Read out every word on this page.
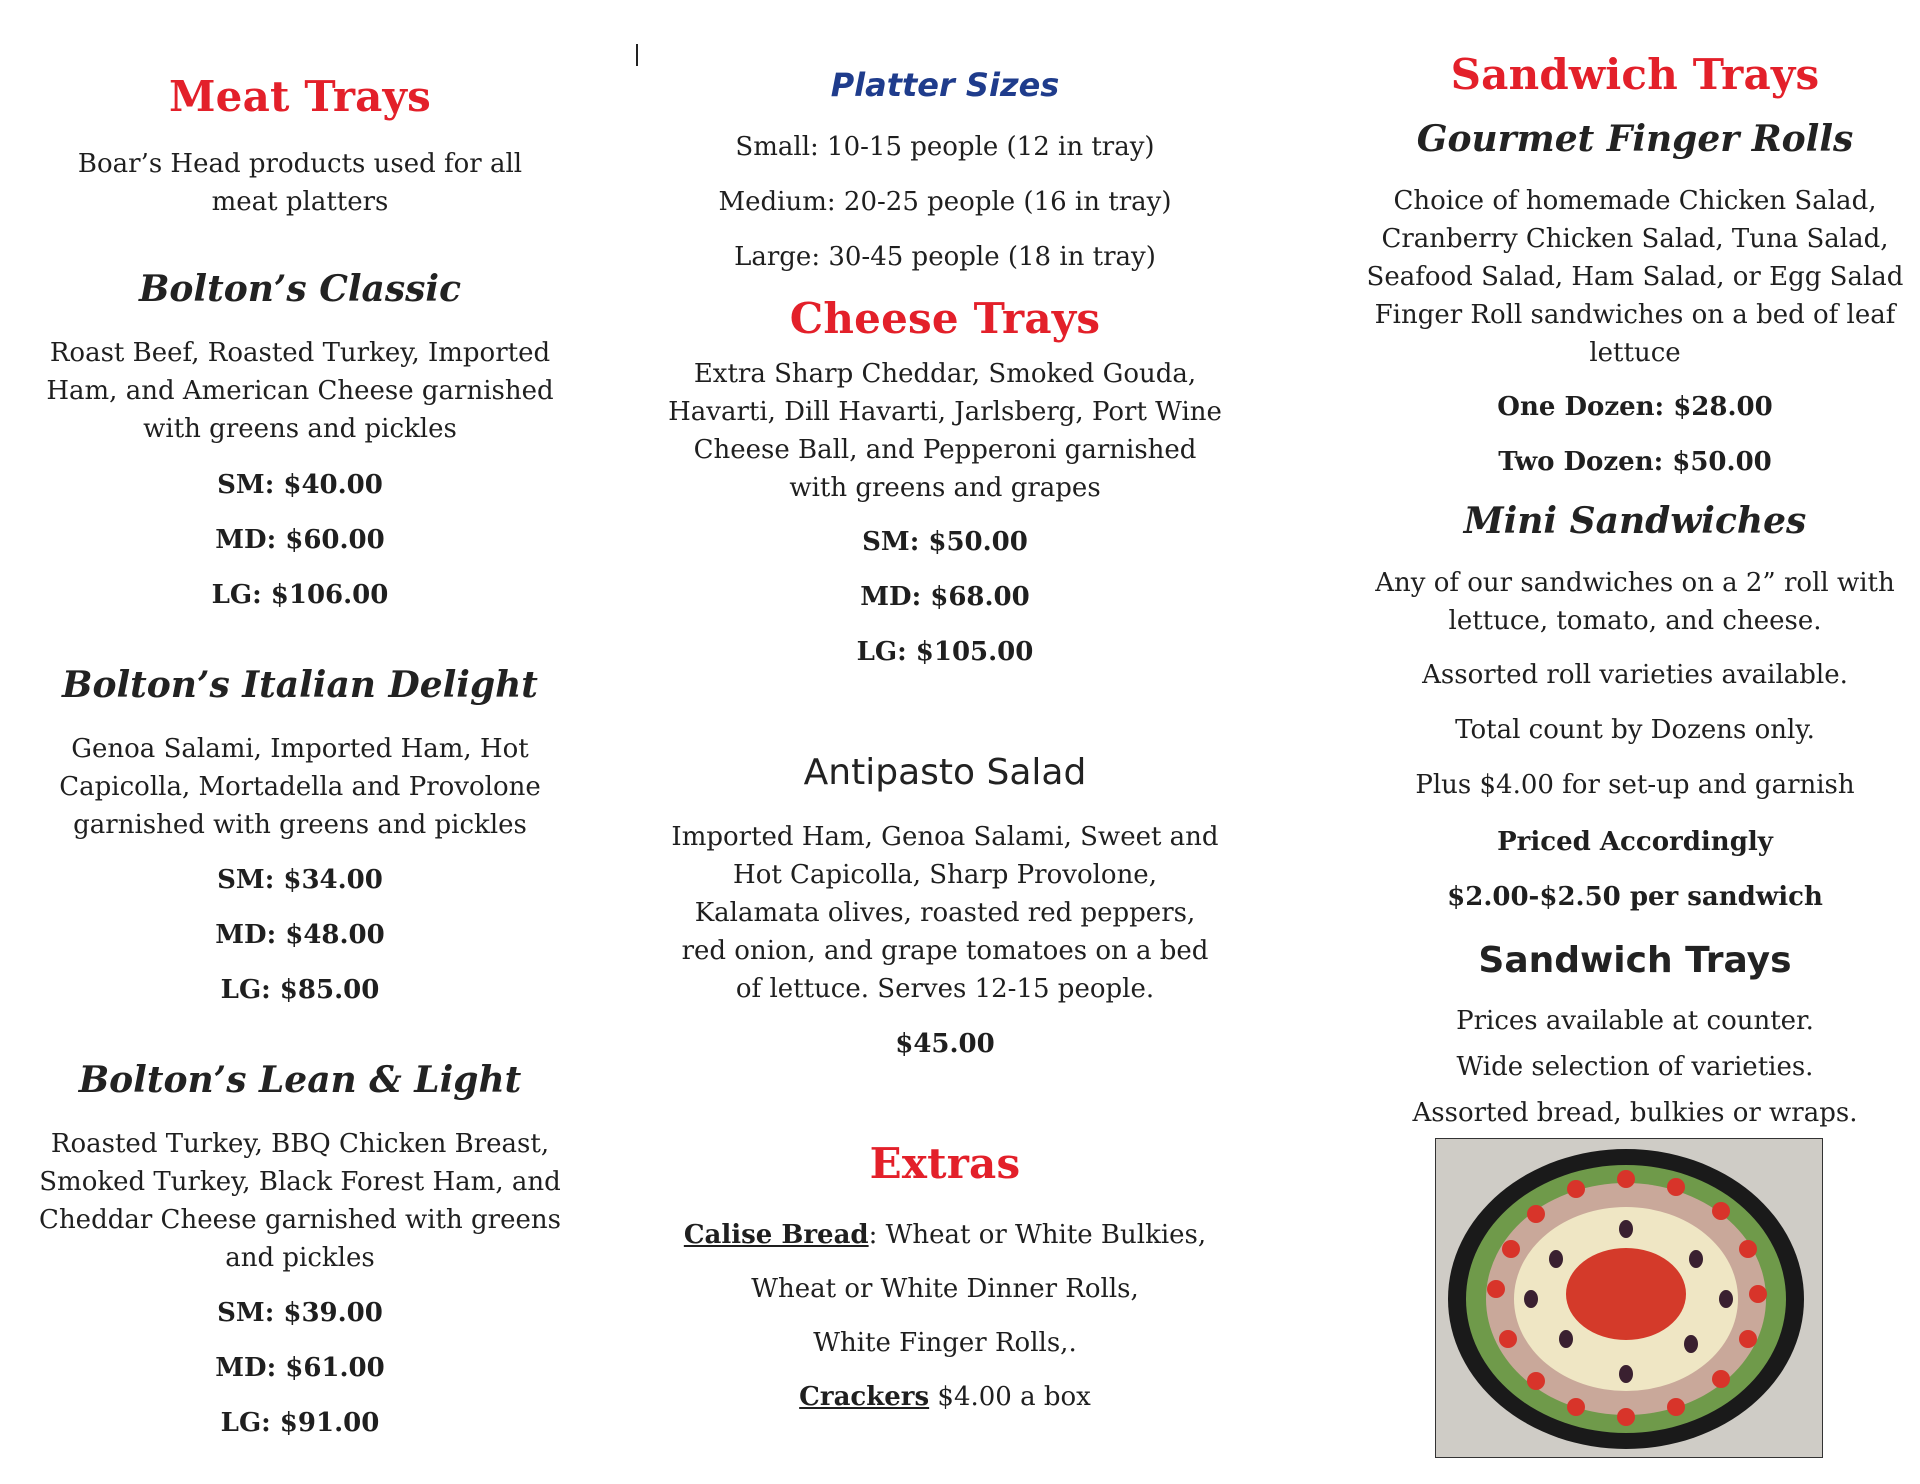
Meat Trays
Boar’s Head products used for all
meat platters
Bolton’s Classic
Roast Beef, Roasted Turkey, Imported
Ham, and American Cheese garnished
with greens and pickles
SM: $40.00
MD: $60.00
LG: $106.00
Bolton’s Italian Delight
Genoa Salami, Imported Ham, Hot
Capicolla, Mortadella and Provolone
garnished with greens and pickles
SM: $34.00
MD: $48.00
LG: $85.00
Bolton’s Lean & Light
Roasted Turkey, BBQ Chicken Breast,
Smoked Turkey, Black Forest Ham, and
Cheddar Cheese garnished with greens
and pickles
SM: $39.00
MD: $61.00
LG: $91.00
Platter Sizes
Small: 10-15 people (12 in tray)
Medium: 20-25 people (16 in tray)
Large: 30-45 people (18 in tray)
Cheese Trays
Extra Sharp Cheddar, Smoked Gouda,
Havarti, Dill Havarti, Jarlsberg, Port Wine
Cheese Ball, and Pepperoni garnished
with greens and grapes
SM: $50.00
MD: $68.00
LG: $105.00
Antipasto Salad
Imported Ham, Genoa Salami, Sweet and
Hot Capicolla, Sharp Provolone,
Kalamata olives, roasted red peppers,
red onion, and grape tomatoes on a bed
of lettuce. Serves 12-15 people.
$45.00
Extras
Calise Bread: Wheat or White Bulkies,
Wheat or White Dinner Rolls,
White Finger Rolls,.
Crackers $4.00 a box
Sandwich Trays
Gourmet Finger Rolls
Choice of homemade Chicken Salad,
Cranberry Chicken Salad, Tuna Salad,
Seafood Salad, Ham Salad, or Egg Salad
Finger Roll sandwiches on a bed of leaf
lettuce
One Dozen: $28.00
Two Dozen: $50.00
Mini Sandwiches
Any of our sandwiches on a 2” roll with
lettuce, tomato, and cheese.
Assorted roll varieties available.
Total count by Dozens only.
Plus $4.00 for set-up and garnish
Priced Accordingly
$2.00-$2.50 per sandwich
Sandwich Trays
Prices available at counter.
Wide selection of varieties.
Assorted bread, bulkies or wraps.
